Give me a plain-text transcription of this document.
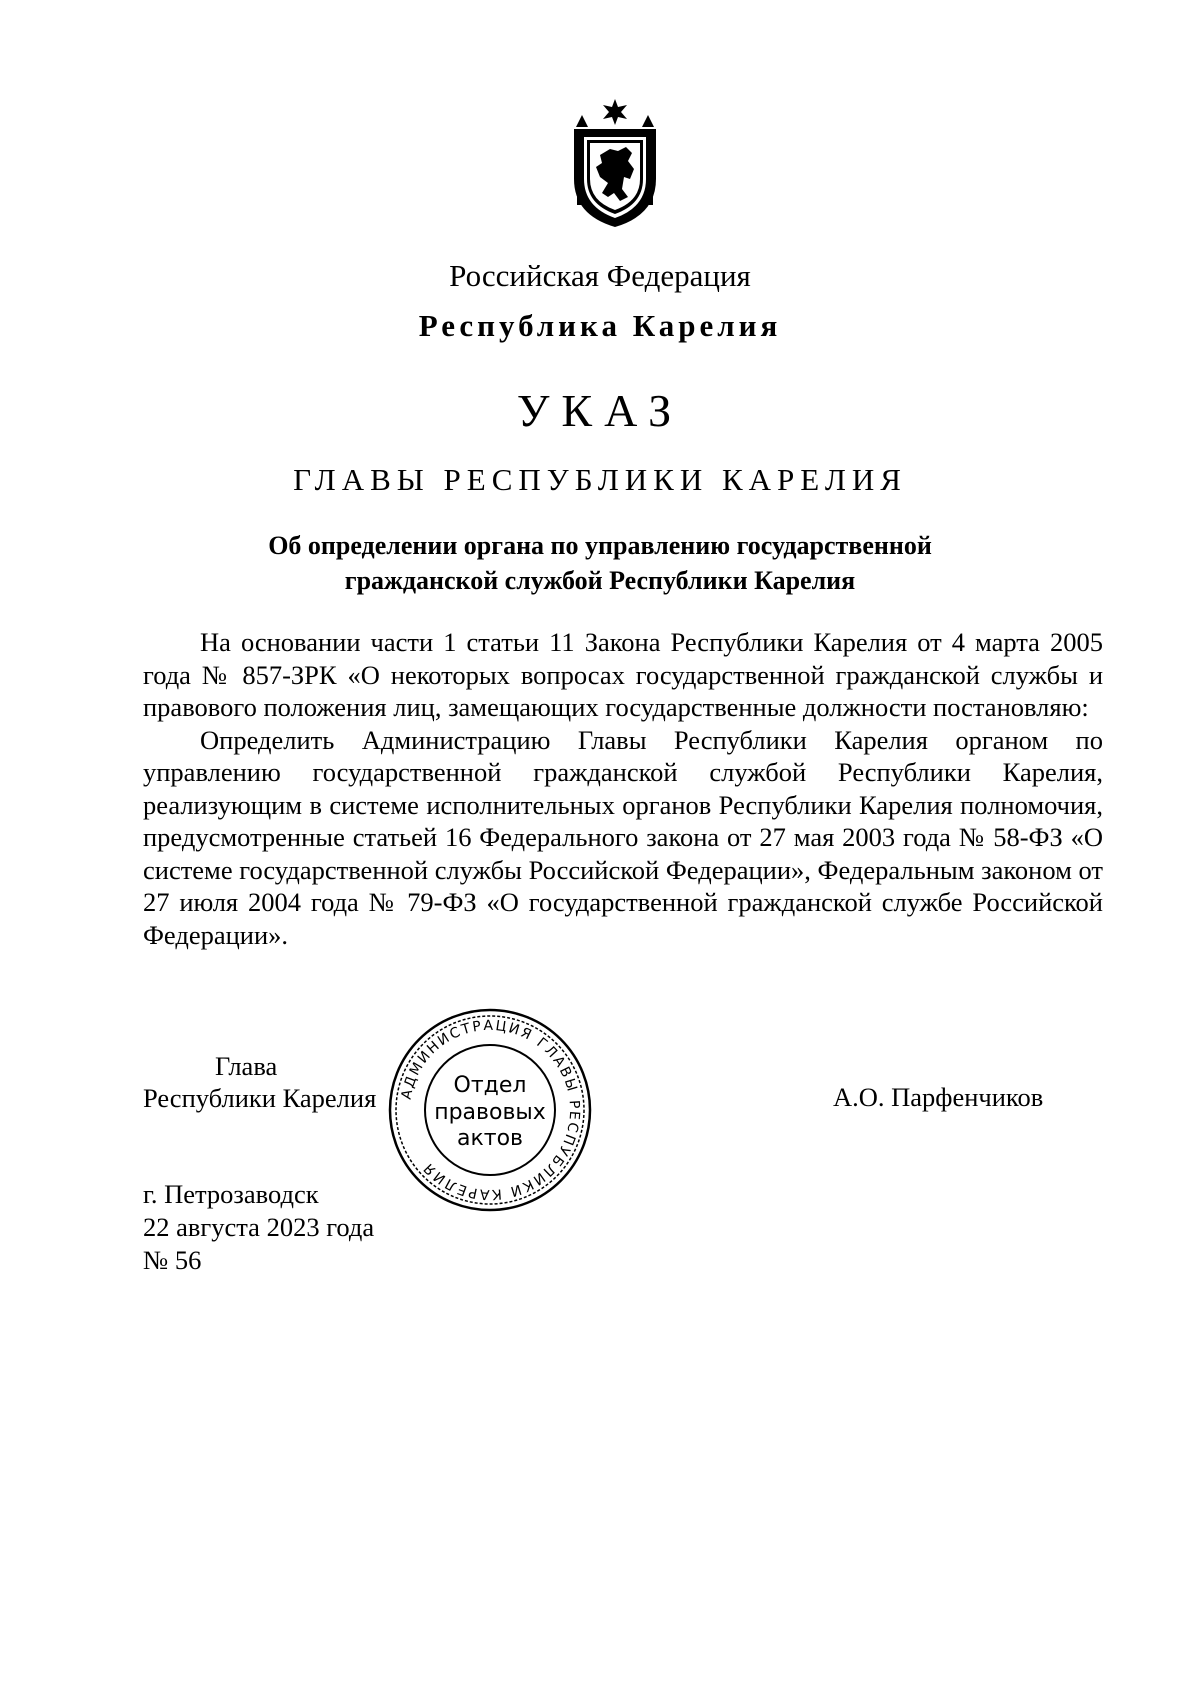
Российская Федерация
Республика Карелия
УКАЗ
ГЛАВЫ РЕСПУБЛИКИ КАРЕЛИЯ
Об определении органа по управлению государственной
гражданской службой Республики Карелия

На основании части 1 статьи 11 Закона Республики Карелия от 4 марта 2005 года № 857-ЗРК «О некоторых вопросах государственной гражданской службы и правового положения лиц, замещающих государственные должности постановляю:

Определить Администрацию Главы Республики Карелия органом по управлению государственной гражданской службой Республики Карелия, реализующим в системе исполнительных органов Республики Карелия полномочия, предусмотренные статьей 16 Федерального закона от 27 мая 2003 года № 58-ФЗ «О системе государственной службы Российской Федерации», Федеральным законом от 27 июля 2004 года № 79-ФЗ «О государственной гражданской службе Российской Федерации».

Глава
Республики Карелия	А.О. Парфенчиков
АДМИНИСТРАЦИЯ ГЛАВЫ РЕСПУБЛИКИ КАРЕЛИЯ
Отдел
правовых
актов
г. Петрозаводск
22 августа 2023 года
№ 56
